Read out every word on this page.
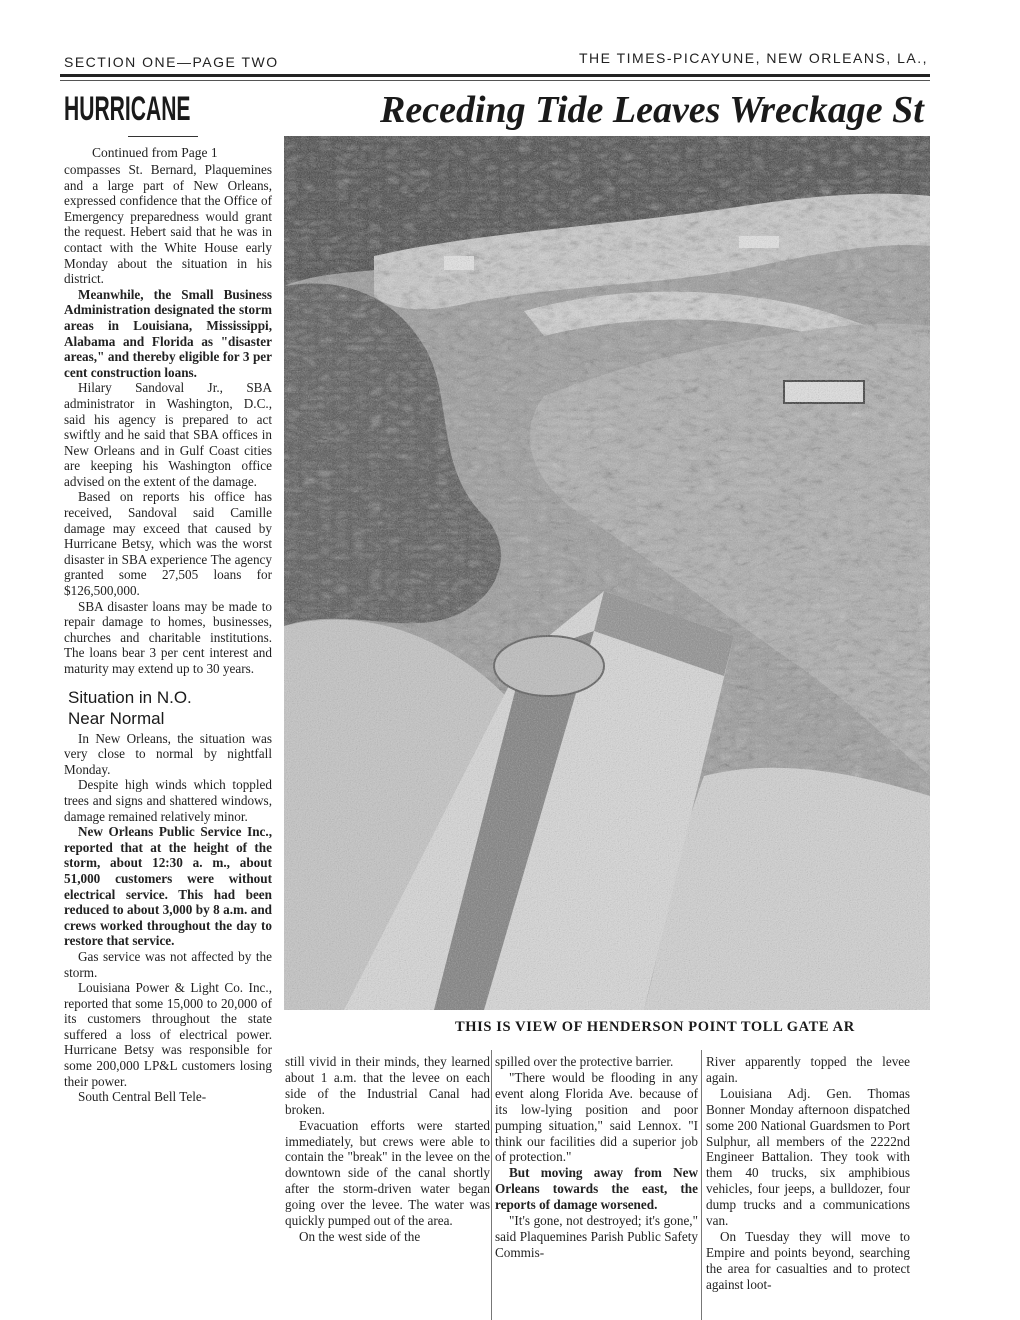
SECTION ONE—PAGE TWO	THE TIMES-PICAYUNE, NEW ORLEANS, LA.,
HURRICANE	Receding Tide Leaves Wreckage St
Continued from Page 1

compasses St. Bernard, Plaquemines and a large part of New Orleans, expressed confidence that the Office of Emergency preparedness would grant the request. Hebert said that he was in contact with the White House early Monday about the situation in his district.

Meanwhile, the Small Business Administration designated the storm areas in Louisiana, Mississippi, Alabama and Florida as "disaster areas," and thereby eligible for 3 per cent construction loans.

Hilary Sandoval Jr., SBA administrator in Washington, D.C., said his agency is prepared to act swiftly and he said that SBA offices in New Orleans and in Gulf Coast cities are keeping his Washington office advised on the extent of the damage.

Based on reports his office has received, Sandoval said Camille damage may exceed that caused by Hurricane Betsy, which was the worst disaster in SBA experience The agency granted some 27,505 loans for $126,500,000.

SBA disaster loans may be made to repair damage to homes, businesses, churches and charitable institutions. The loans bear 3 per cent interest and maturity may extend up to 30 years.

Situation in N.O.
Near Normal

In New Orleans, the situation was very close to normal by nightfall Monday.

Despite high winds which toppled trees and signs and shattered windows, damage remained relatively minor.

New Orleans Public Service Inc., reported that at the height of the storm, about 12:30 a. m., about 51,000 customers were without electrical service. This had been reduced to about 3,000 by 8 a.m. and crews worked throughout the day to restore that service.

Gas service was not affected by the storm.

Louisiana Power & Light Co. Inc., reported that some 15,000 to 20,000 of its customers throughout the state suffered a loss of electrical power. Hurricane Betsy was responsible for some 200,000 LP&L customers losing their power.

South Central Bell Tele-

THIS IS VIEW OF HENDERSON POINT TOLL GATE AR

still vivid in their minds, they learned about 1 a.m. that the levee on each side of the Industrial Canal had broken.

Evacuation efforts were started immediately, but crews were able to contain the "break" in the levee on the downtown side of the canal shortly after the storm-driven water began going over the levee. The water was quickly pumped out of the area.

On the west side of the

spilled over the protective barrier.

"There would be flooding in any event along Florida Ave. because of its low-lying position and poor pumping situation," said Lennox. "I think our facilities did a superior job of protection."

But moving away from New Orleans towards the east, the reports of damage worsened.

"It's gone, not destroyed; it's gone," said Plaquemines Parish Public Safety Commis-

River apparently topped the levee again.

Louisiana Adj. Gen. Thomas Bonner Monday afternoon dispatched some 200 National Guardsmen to Port Sulphur, all members of the 2222nd Engineer Battalion. They took with them 40 trucks, six amphibious vehicles, four jeeps, a bulldozer, four dump trucks and a communications van.

On Tuesday they will move to Empire and points beyond, searching the area for casualties and to protect against loot-
